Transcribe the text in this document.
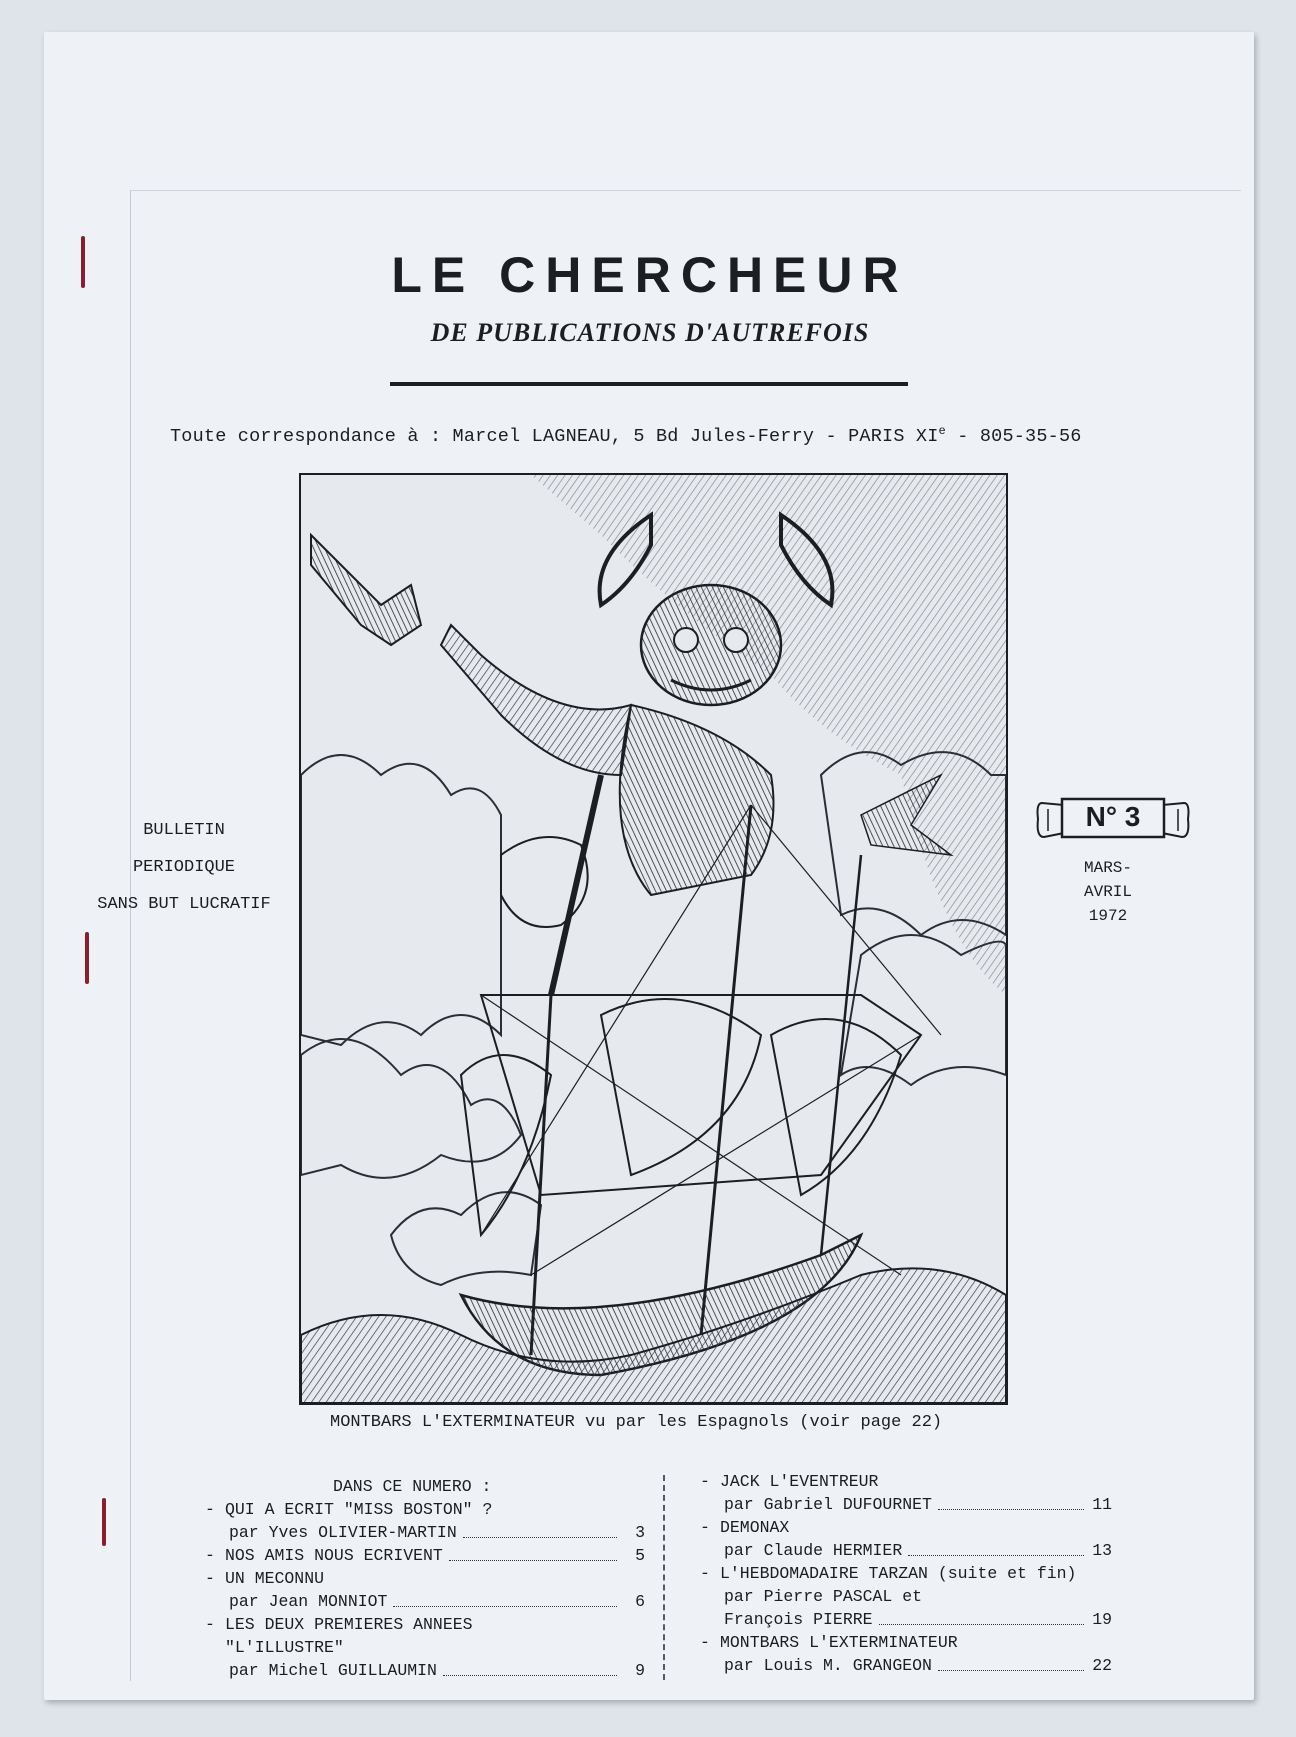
LE CHERCHEUR
DE PUBLICATIONS D'AUTREFOIS
Toute correspondance à : Marcel LAGNEAU, 5 Bd Jules-Ferry - PARIS XIe - 805-35-56
BULLETIN
PERIODIQUE
SANS BUT LUCRATIF
N° 3
MARS-
AVRIL
1972
MONTBARS L'EXTERMINATEUR vu par les Espagnols (voir page 22)
DANS CE NUMERO :
- QUI A ECRIT "MISS BOSTON" ?
par Yves OLIVIER-MARTIN	3
- NOS AMIS NOUS ECRIVENT	5
- UN MECONNU
par Jean MONNIOT	6
- LES DEUX PREMIERES ANNEES
"L'ILLUSTRE"
par Michel GUILLAUMIN	9
- JACK L'EVENTREUR
par Gabriel DUFOURNET	11
- DEMONAX
par Claude HERMIER	13
- L'HEBDOMADAIRE TARZAN (suite et fin)
par Pierre PASCAL et
François PIERRE	19
- MONTBARS L'EXTERMINATEUR
par Louis M. GRANGEON	22
